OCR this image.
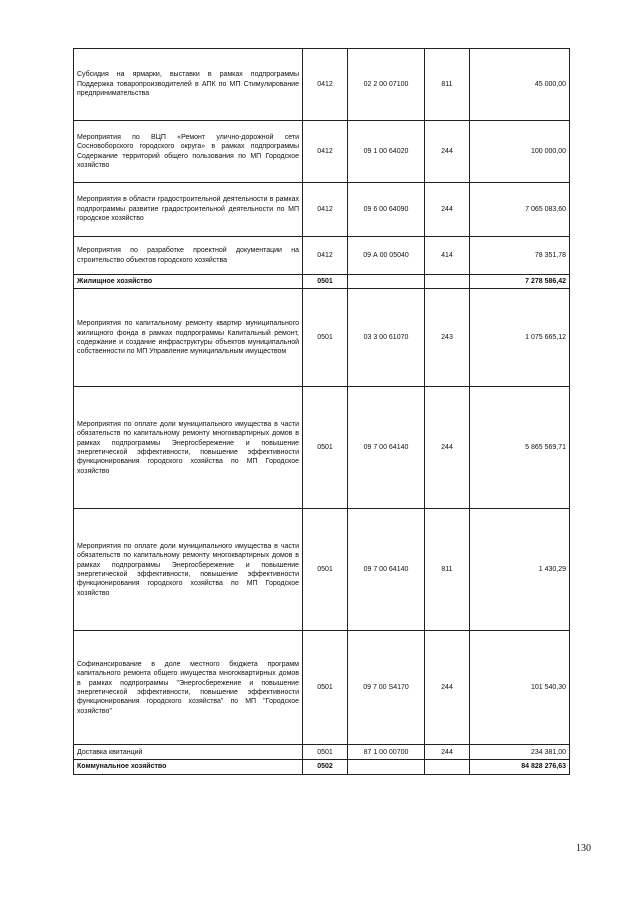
Субсидия на ярмарки, выставки в рамках подпрограммы Поддержка товаропроизводителей в АПК по МП Стимулирование предпринимательства	0412	02 2 00 07100	811	45 000,00
Мероприятия по ВЦП «Ремонт улично-дорожной сети Сосновоборского городского округа» в рамках подпрограммы Содержание территорий общего пользования по МП Городское хозяйство	0412	09 1 00 64020	244	100 000,00
Мероприятия в области градостроительной деятельности в рамках подпрограммы развитие градостроительной деятельности по МП городское хозяйство	0412	09 6 00 64090	244	7 065 083,60
Мероприятия по разработке проектной документации на строительство объектов городского хозяйства	0412	09 А 00 05040	414	78 351,78
Жилищное хозяйство	0501			7 278 586,42
Мероприятия по капитальному ремонту квартир муниципального жилищного фонда в рамках подпрограммы Капитальный ремонт, содержание и создание инфраструктуры объектов муниципальной собственности по МП Управление муниципальным имуществом	0501	03 3 00 61070	243	1 075 665,12
Мероприятия по оплате доли муниципального имущества в части обязательств по капитальному ремонту многоквартирных домов в рамках подпрограммы Энергосбережение и повышение энергетической эффективности, повышение эффективности функционирования городского хозяйства по МП Городское хозяйство	0501	09 7 00 64140	244	5 865 569,71
Мероприятия по оплате доли муниципального имущества в части обязательств по капитальному ремонту многоквартирных домов в рамках подпрограммы Энергосбережение и повышение энергетической эффективности, повышение эффективности функционирования городского хозяйства по МП Городское хозяйство	0501	09 7 00 64140	811	1 430,29
Софинансирование в доле местного бюджета программ капитального ремонта общего имущества многоквартирных домов в рамках подпрограммы "Энергосбережение и повышение энергетической эффективности, повышение эффективности функционирования городского хозяйства" по МП "Городское хозяйство"	0501	09 7 00 S4170	244	101 540,30
Доставка квитанций	0501	87 1 00 00700	244	234 381,00
Коммунальное хозяйство	0502			84 828 276,63
130
